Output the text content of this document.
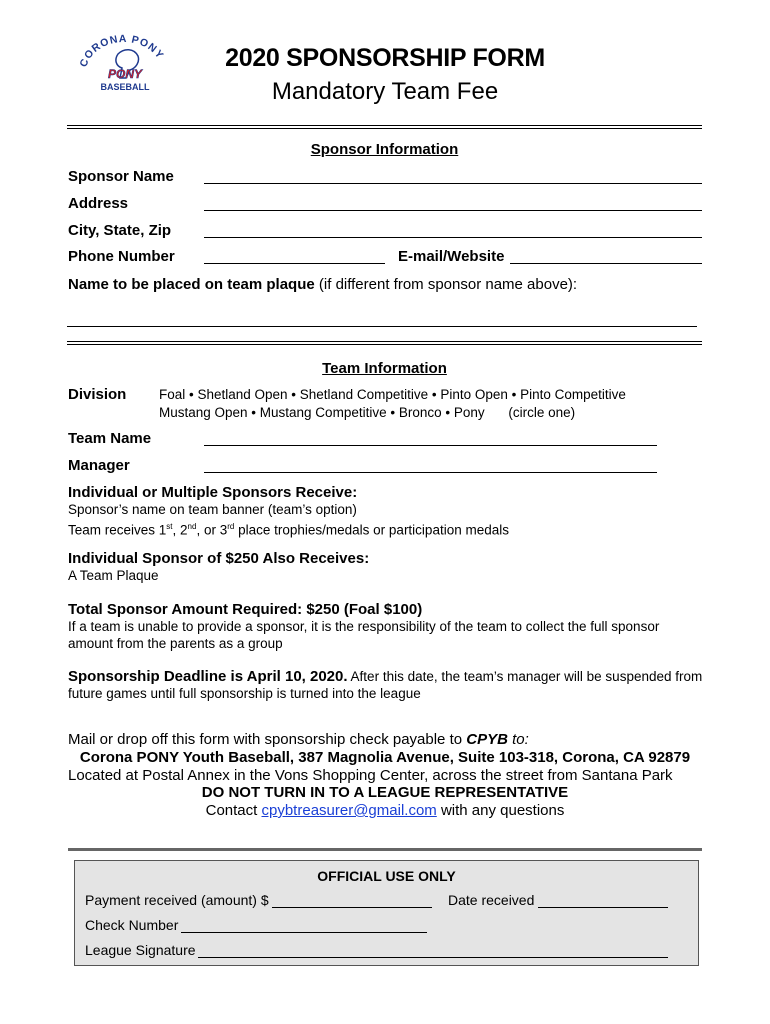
CORONA PONY
PONY
BASEBALL
2020 SPONSORSHIP FORM
Mandatory Team Fee
Sponsor Information
Sponsor Name
Address
City, State, Zip
Phone Number	E-mail/Website
Name to be placed on team plaque (if different from sponsor name above):
Team Information
Division Foal • Shetland Open • Shetland Competitive • Pinto Open • Pinto Competitive
Mustang Open • Mustang Competitive • Bronco • Pony (circle one)
Team Name
Manager
Individual or Multiple Sponsors Receive:
Sponsor’s name on team banner (team’s option)
Team receives 1st, 2nd, or 3rd place trophies/medals or participation medals
Individual Sponsor of $250 Also Receives:
A Team Plaque
Total Sponsor Amount Required: $250 (Foal $100)
If a team is unable to provide a sponsor, it is the responsibility of the team to collect the full sponsor amount from the parents as a group
Sponsorship Deadline is April 10, 2020. After this date, the team’s manager will be suspended from future games until full sponsorship is turned into the league
Mail or drop off this form with sponsorship check payable to CPYB to:
Corona PONY Youth Baseball, 387 Magnolia Avenue, Suite 103-318, Corona, CA 92879
Located at Postal Annex in the Vons Shopping Center, across the street from Santana Park
DO NOT TURN IN TO A LEAGUE REPRESENTATIVE
Contact cpybtreasurer@gmail.com with any questions
OFFICIAL USE ONLY
Payment received (amount) $	Date received
Check Number
League Signature
